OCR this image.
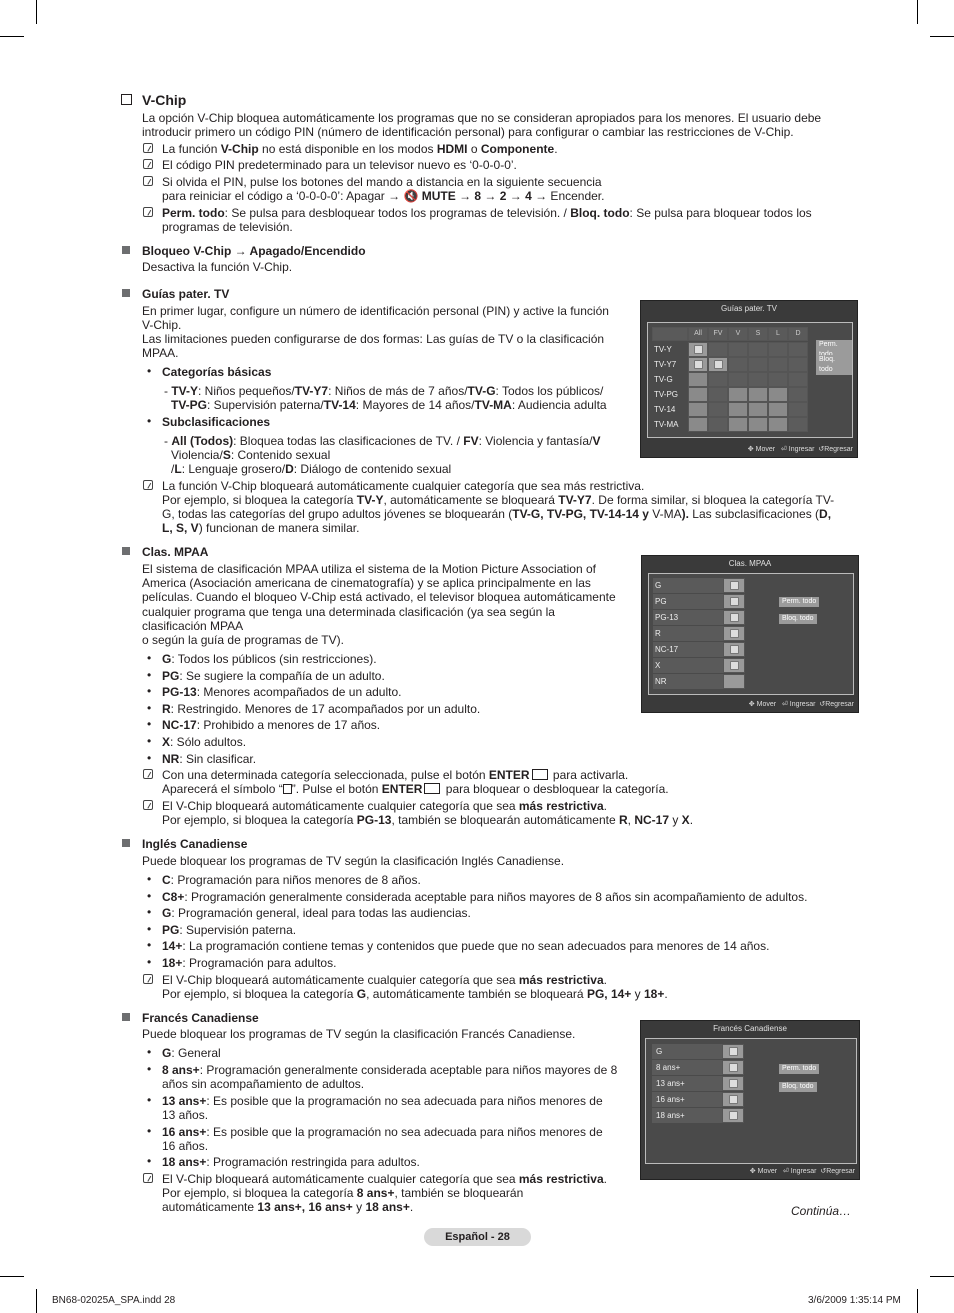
V-Chip
La opción V-Chip bloquea automáticamente los programas que no se consideran apropiados para los menores. El usuario debe
introducir primero un código PIN (número de identificación personal) para configurar o cambiar las restricciones de V-Chip.
La función V-Chip no está disponible en los modos HDMI o Componente.
El código PIN predeterminado para un televisor nuevo es ‘0-0-0-0’.
Si olvida el PIN, pulse los botones del mando a distancia en la siguiente secuencia
para reiniciar el código a ‘0-0-0-0’: Apagar → 🔇 MUTE → 8 → 2 → 4 → Encender.
Perm. todo: Se pulsa para desbloquear todos los programas de televisión. / Bloq. todo: Se pulsa para bloquear todos los
programas de televisión.
Bloqueo V-Chip → Apagado/Encendido
Desactiva la función V-Chip.
Guías pater. TV
En primer lugar, configure un número de identificación personal (PIN) y active la función
V-Chip.
Las limitaciones pueden configurarse de dos formas: Las guías de TV o la clasificación
MPAA.
• Categorías básicas
- TV-Y: Niños pequeños/TV-Y7: Niños de más de 7 años/TV-G: Todos los públicos/
TV-PG: Supervisión paterna/TV-14: Mayores de 14 años/TV-MA: Audiencia adulta
• Subclasificaciones
- All (Todos): Bloquea todas las clasificaciones de TV. / FV: Violencia y fantasía/V
Violencia/S: Contenido sexual
/L: Lenguaje grosero/D: Diálogo de contenido sexual
La función V-Chip bloqueará automáticamente cualquier categoría que sea más restrictiva.
Por ejemplo, si bloquea la categoría TV-Y, automáticamente se bloqueará TV-Y7. De forma similar, si bloquea la categoría TV-
G, todas las categorías del grupo adultos jóvenes se bloquearán (TV-G, TV-PG, TV-14-14 y V-MA). Las subclasificaciones (D,
L, S, V) funcionan de manera similar.
Guías pater. TV
All	FV	V	S	L	D
TV-Y
TV-Y7
TV-G
TV-PG
TV-14
TV-MA
Perm.
Bloq. todo
✥ Mover ⏎ Ingresar ↺Regresar
Clas. MPAA
El sistema de clasificación MPAA utiliza el sistema de la Motion Picture Association of
America (Asociación americana de cinematografía) y se aplica principalmente en las
películas. Cuando el bloqueo V-Chip está activado, el televisor bloquea automáticamente
cualquier programa que tenga una determinada clasificación (ya sea según la
clasificación MPAA
o según la guía de programas de TV).
• G: Todos los públicos (sin restricciones).
• PG: Se sugiere la compañía de un adulto.
• PG-13: Menores acompañados de un adulto.
• R: Restringido. Menores de 17 acompañados por un adulto.
• NC-17: Prohibido a menores de 17 años.
• X: Sólo adultos.
• NR: Sin clasificar.
Con una determinada categoría seleccionada, pulse el botón ENTER para activarla.
Aparecerá el símbolo “ ”. Pulse el botón ENTER para bloquear o desbloquear la categoría.
El V-Chip bloqueará automáticamente cualquier categoría que sea más restrictiva.
Por ejemplo, si bloquea la categoría PG-13, también se bloquearán automáticamente R, NC-17 y X.
Clas. MPAA
G
PG
PG-13
R
NC-17
X
NR
Perm. todo
Bloq. todo
✥ Mover ⏎ Ingresar ↺Regresar
Inglés Canadiense
Puede bloquear los programas de TV según la clasificación Inglés Canadiense.
• C: Programación para niños menores de 8 años.
• C8+: Programación generalmente considerada aceptable para niños mayores de 8 años sin acompañamiento de adultos.
• G: Programación general, ideal para todas las audiencias.
• PG: Supervisión paterna.
• 14+: La programación contiene temas y contenidos que puede que no sean adecuados para menores de 14 años.
• 18+: Programación para adultos.
El V-Chip bloqueará automáticamente cualquier categoría que sea más restrictiva.
Por ejemplo, si bloquea la categoría G, automáticamente también se bloqueará PG, 14+ y 18+.
Francés Canadiense
Puede bloquear los programas de TV según la clasificación Francés Canadiense.
• G: General
• 8 ans+: Programación generalmente considerada aceptable para niños mayores de 8
años sin acompañamiento de adultos.
• 13 ans+: Es posible que la programación no sea adecuada para niños menores de
13 años.
• 16 ans+: Es posible que la programación no sea adecuada para niños menores de
16 años.
• 18 ans+: Programación restringida para adultos.
El V-Chip bloqueará automáticamente cualquier categoría que sea más restrictiva.
Por ejemplo, si bloquea la categoría 8 ans+, también se bloquearán
automáticamente 13 ans+, 16 ans+ y 18 ans+.
Francés Canadiense
G
8 ans+
13 ans+
16 ans+
18 ans+
Perm. todo
Bloq. todo
✥ Mover ⏎ Ingresar ↺Regresar
Continúa…
Español - 28
BN68-02025A_SPA.indd 28	3/6/2009 1:35:14 PM
